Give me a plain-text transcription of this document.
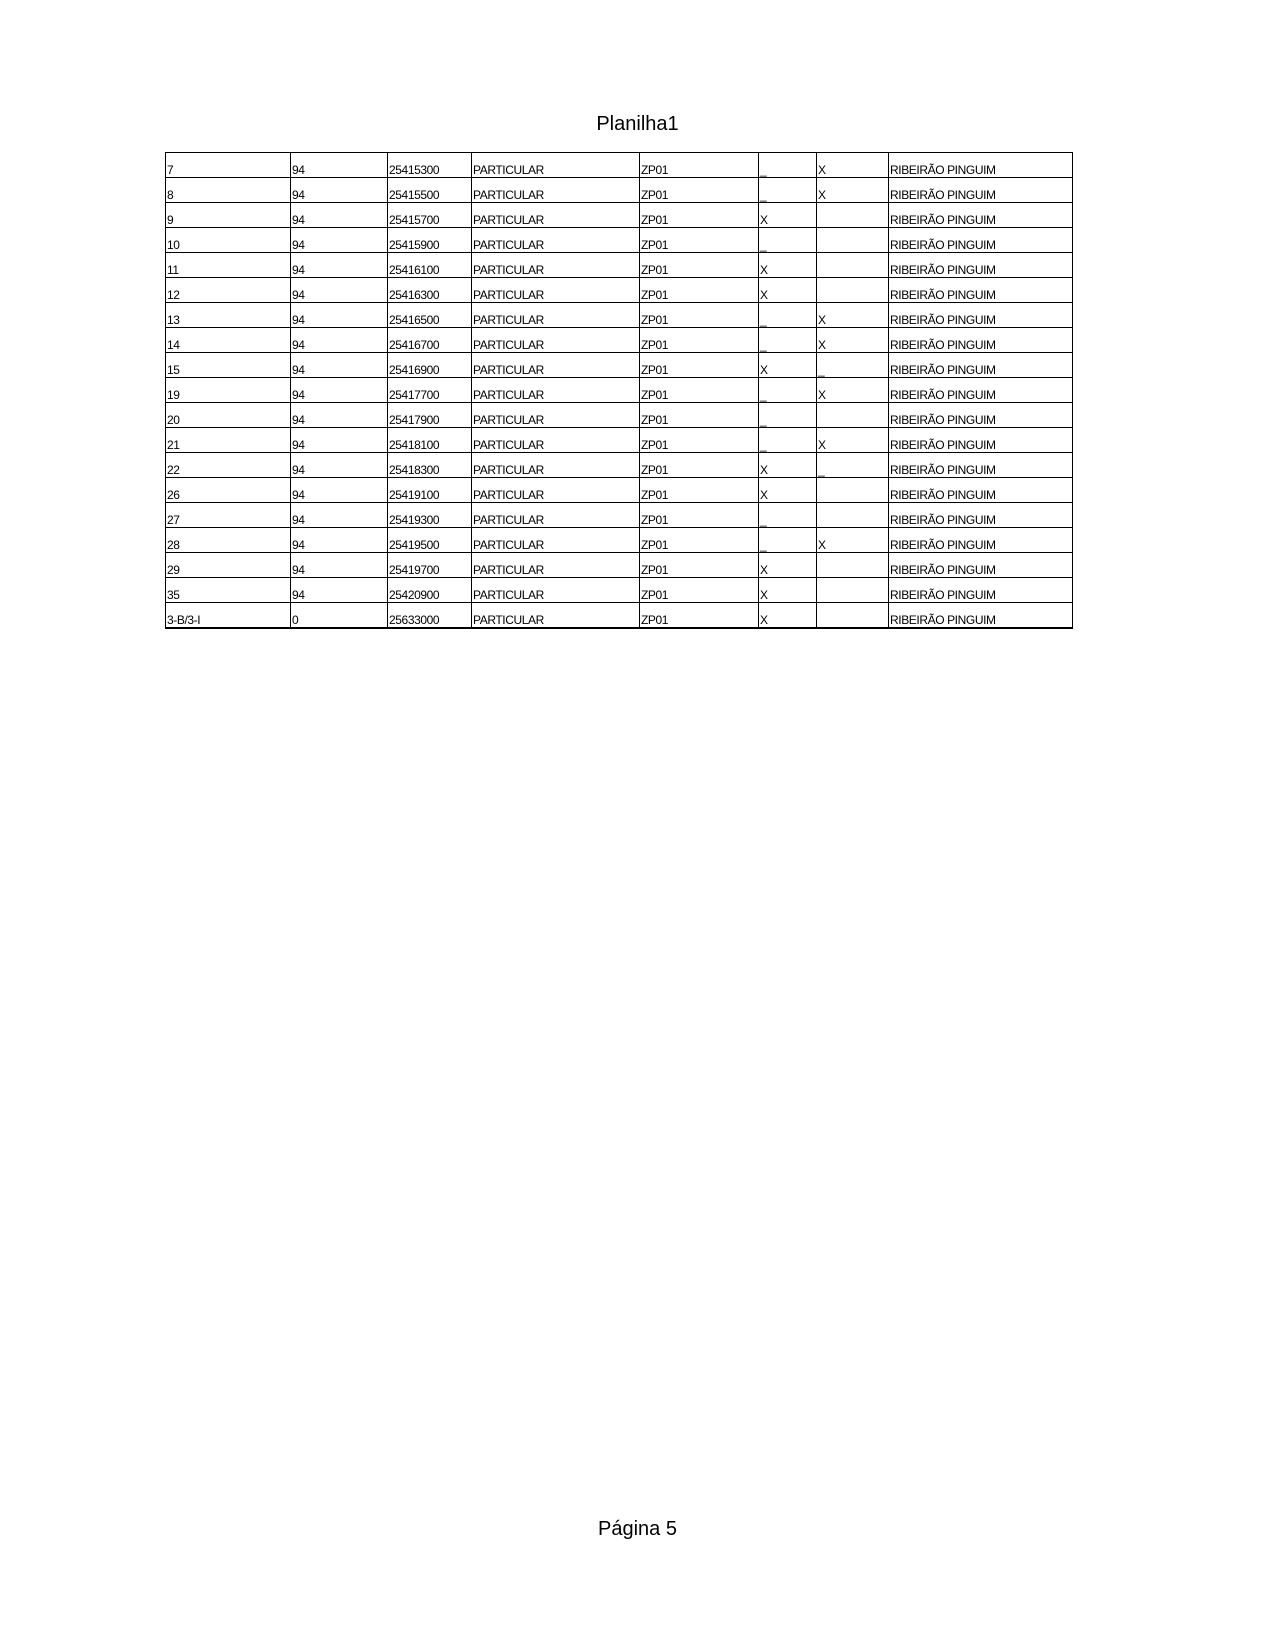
Planilha1
7	94	25415300	PARTICULAR	ZP01	_	X	RIBEIRÃO PINGUIM
8	94	25415500	PARTICULAR	ZP01	_	X	RIBEIRÃO PINGUIM
9	94	25415700	PARTICULAR	ZP01	X		RIBEIRÃO PINGUIM
10	94	25415900	PARTICULAR	ZP01	_		RIBEIRÃO PINGUIM
11	94	25416100	PARTICULAR	ZP01	X		RIBEIRÃO PINGUIM
12	94	25416300	PARTICULAR	ZP01	X		RIBEIRÃO PINGUIM
13	94	25416500	PARTICULAR	ZP01	_	X	RIBEIRÃO PINGUIM
14	94	25416700	PARTICULAR	ZP01	_	X	RIBEIRÃO PINGUIM
15	94	25416900	PARTICULAR	ZP01	X	_	RIBEIRÃO PINGUIM
19	94	25417700	PARTICULAR	ZP01	_	X	RIBEIRÃO PINGUIM
20	94	25417900	PARTICULAR	ZP01	_		RIBEIRÃO PINGUIM
21	94	25418100	PARTICULAR	ZP01	_	X	RIBEIRÃO PINGUIM
22	94	25418300	PARTICULAR	ZP01	X	_	RIBEIRÃO PINGUIM
26	94	25419100	PARTICULAR	ZP01	X		RIBEIRÃO PINGUIM
27	94	25419300	PARTICULAR	ZP01	_		RIBEIRÃO PINGUIM
28	94	25419500	PARTICULAR	ZP01	_	X	RIBEIRÃO PINGUIM
29	94	25419700	PARTICULAR	ZP01	X		RIBEIRÃO PINGUIM
35	94	25420900	PARTICULAR	ZP01	X		RIBEIRÃO PINGUIM
3-B/3-I	0	25633000	PARTICULAR	ZP01	X		RIBEIRÃO PINGUIM
Página 5
